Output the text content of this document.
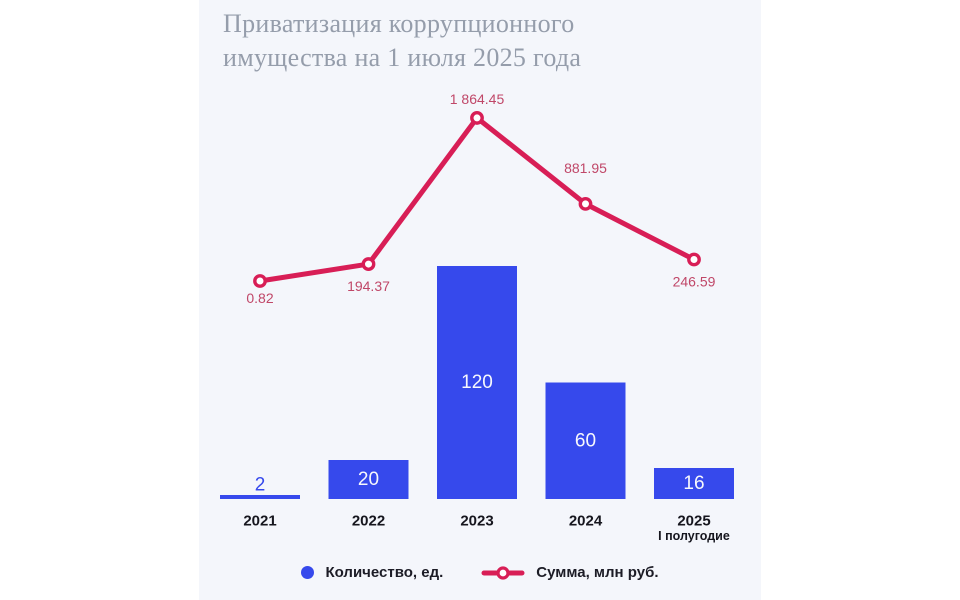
Приватизация коррупционного
имущества на 1 июля 2025 года
Количество, ед.	Сумма, млн руб.
2
2021
20
2022
120
2023
60
2024
16
2025
I полугодие
0.82
194.37
1 864.45
881.95
246.59
